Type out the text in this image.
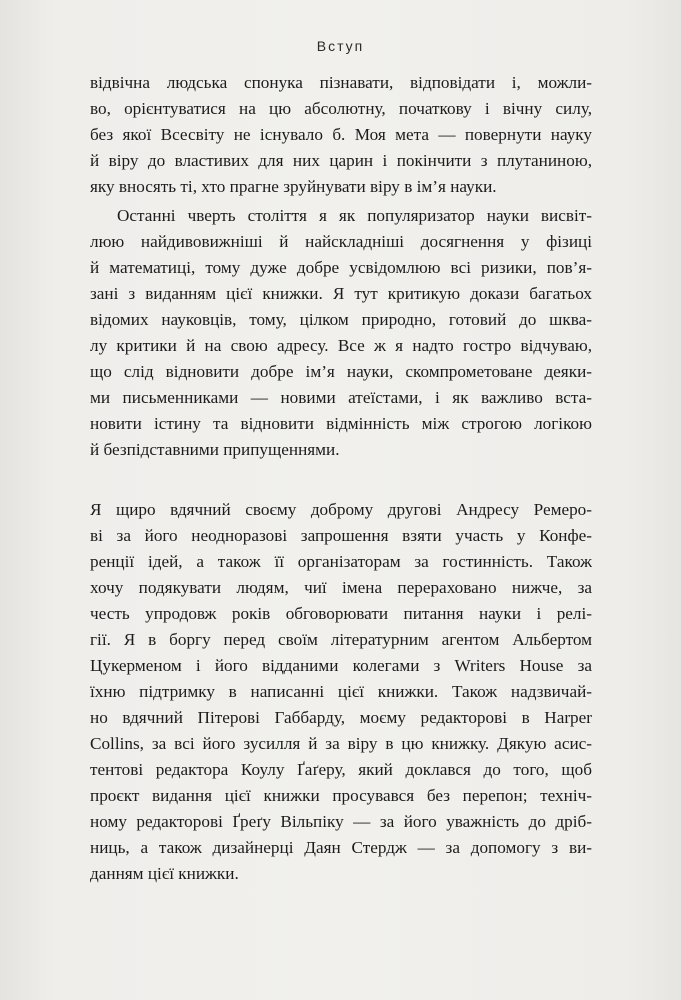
Вступ
відвічна людська спонука пізнавати, відповідати і, можли-
во, орієнтуватися на цю абсолютну, початкову і вічну силу,
без якої Всесвіту не існувало б. Моя мета — повернути науку
й віру до властивих для них царин і покінчити з плутаниною,
яку вносять ті, хто прагне зруйнувати віру в ім’я науки.
Останні чверть століття я як популяризатор науки висвіт-
люю найдивовижніші й найскладніші досягнення у фізиці
й математиці, тому дуже добре усвідомлюю всі ризики, пов’я-
зані з виданням цієї книжки. Я тут критикую докази багатьох
відомих науковців, тому, цілком природно, готовий до шква-
лу критики й на свою адресу. Все ж я надто гостро відчуваю,
що слід відновити добре ім’я науки, скомпрометоване деяки-
ми письменниками — новими атеїстами, і як важливо вста-
новити істину та відновити відмінність між строгою логікою
й безпідставними припущеннями.
Я щиро вдячний своєму доброму другові Андресу Ремеро-
ві за його неодноразові запрошення взяти участь у Конфе-
ренції ідей, а також її організаторам за гостинність. Також
хочу подякувати людям, чиї імена перераховано нижче, за
честь упродовж років обговорювати питання науки і релі-
гії. Я в боргу перед своїм літературним агентом Альбертом
Цукерменом і його відданими колегами з Writers House за
їхню підтримку в написанні цієї книжки. Також надзвичай-
но вдячний Пітерові Габбарду, моєму редакторові в Harper
Collins, за всі його зусилля й за віру в цю книжку. Дякую асис-
тентові редактора Коулу Ґаґеру, який доклався до того, щоб
проєкт видання цієї книжки просувався без перепон; техніч-
ному редакторові Ґреґу Вільпіку — за його уважність до дріб-
ниць, а також дизайнерці Даян Стердж — за допомогу з ви-
данням цієї книжки.
